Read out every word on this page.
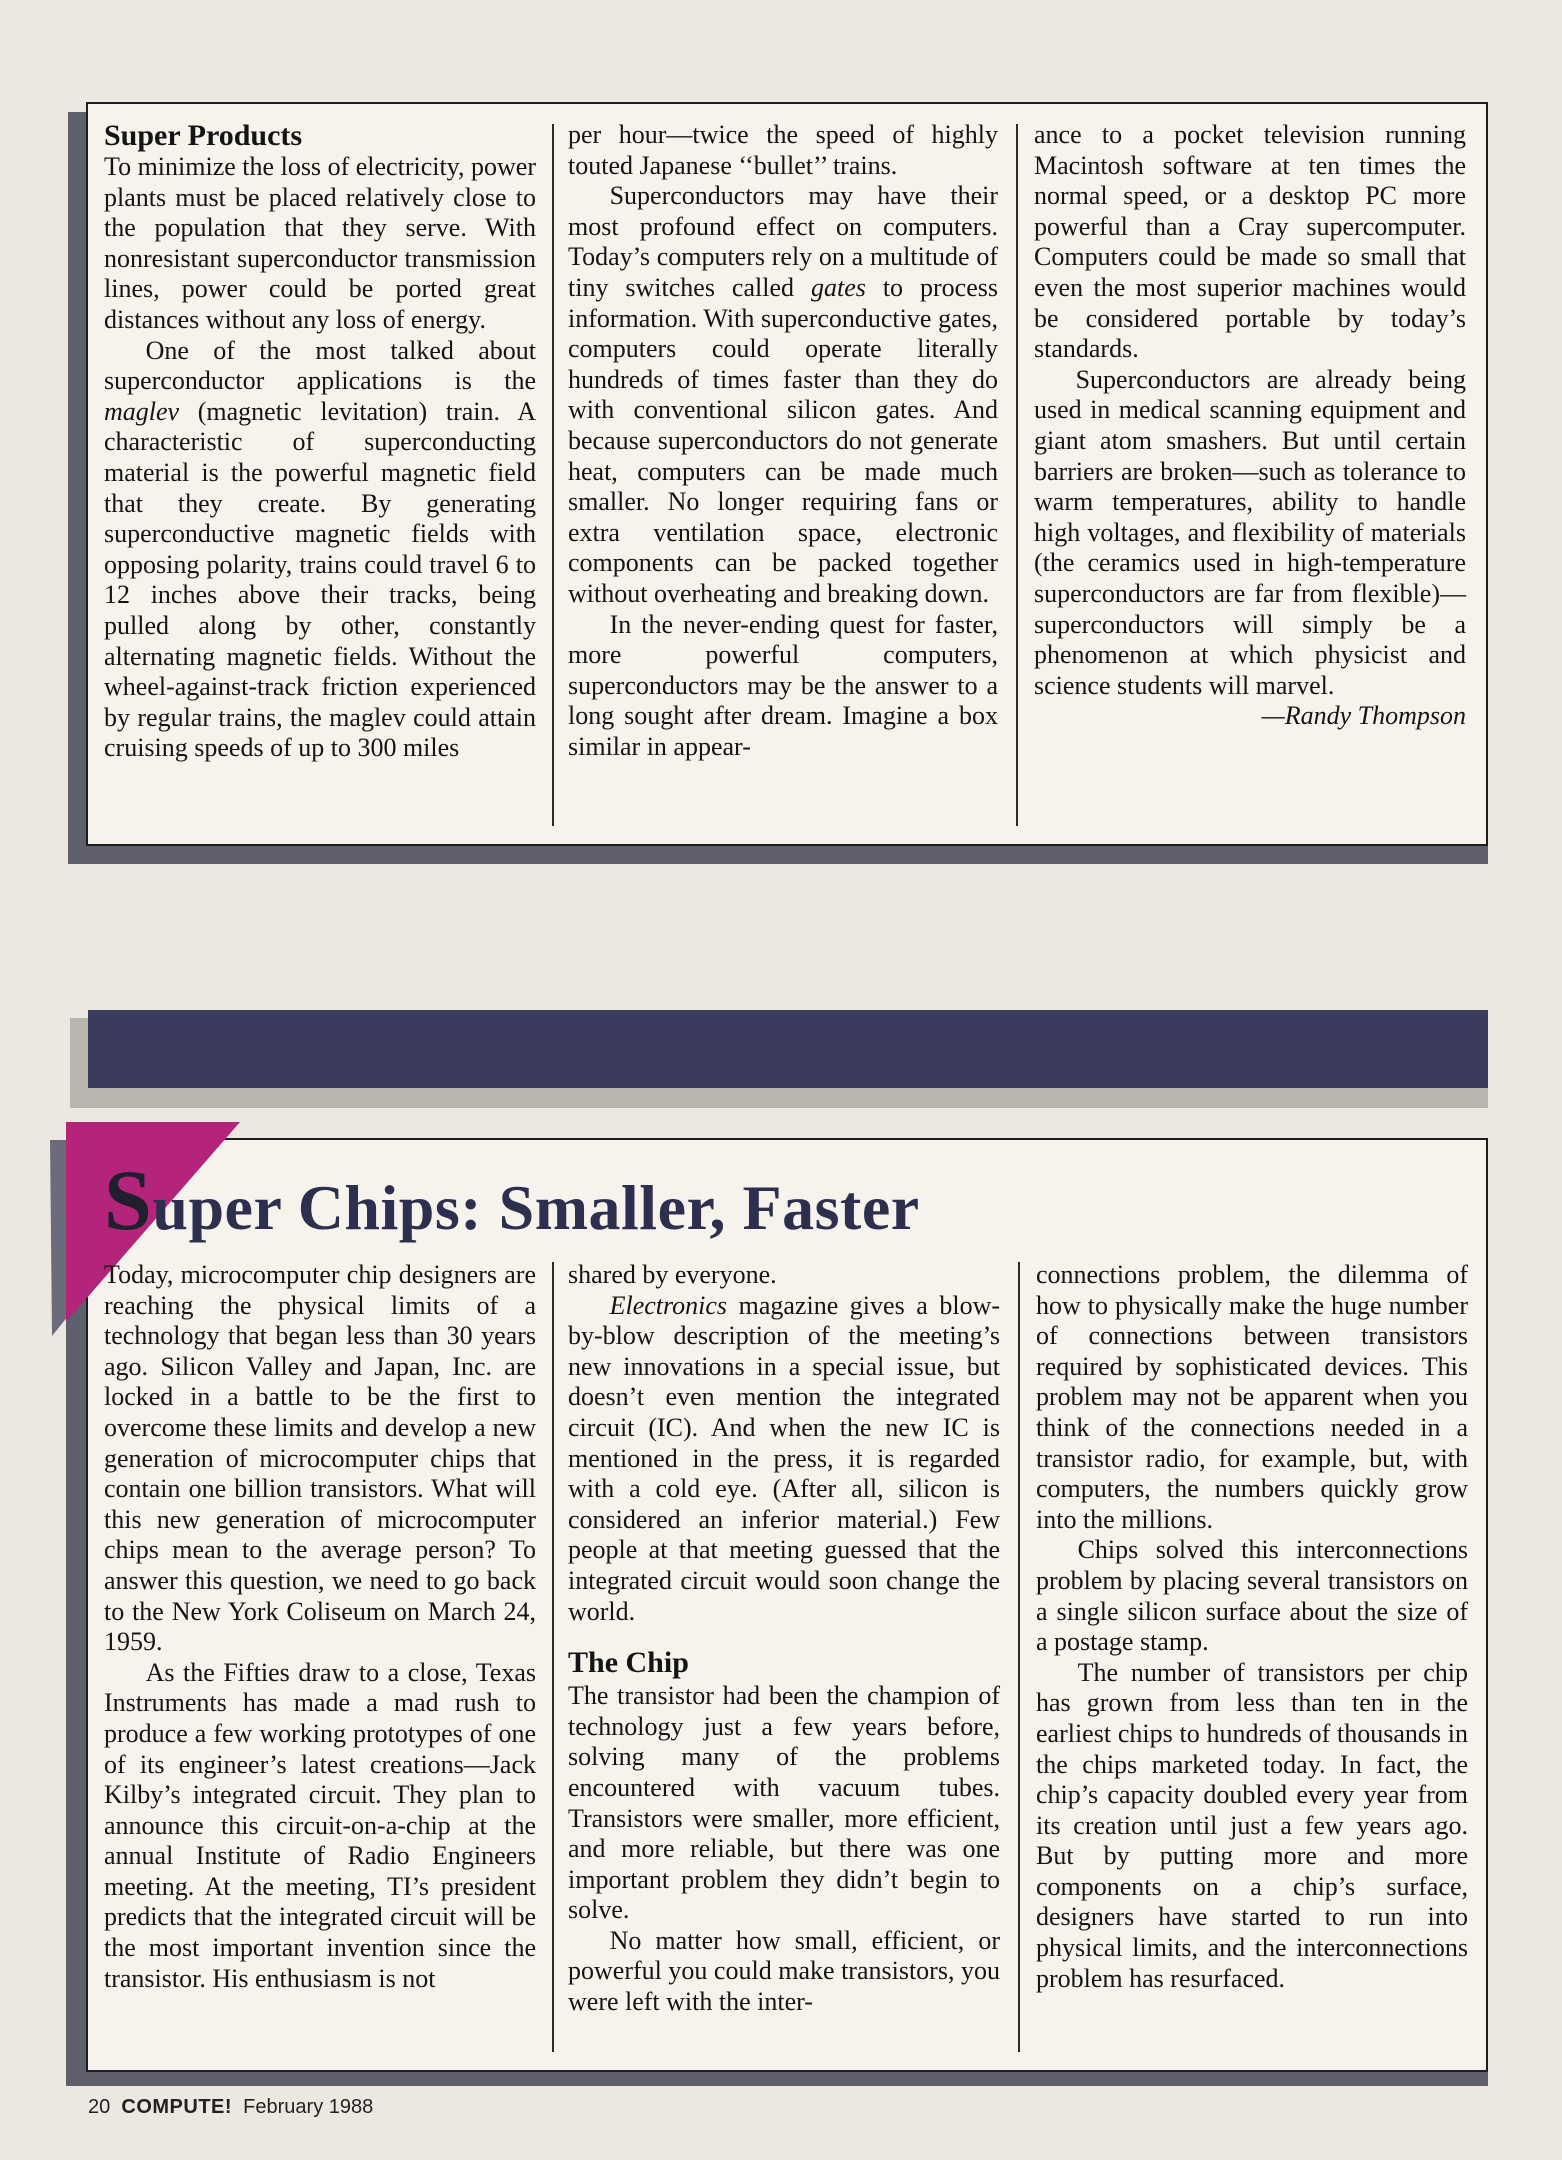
Super Products

To minimize the loss of electricity, power plants must be placed relatively close to the population that they serve. With nonresistant superconductor transmission lines, power could be ported great distances without any loss of energy.

One of the most talked about superconductor applications is the maglev (magnetic levitation) train. A characteristic of superconducting material is the powerful magnetic field that they create. By generating superconductive magnetic fields with opposing polarity, trains could travel 6 to 12 inches above their tracks, being pulled along by other, constantly alternating magnetic fields. Without the wheel-against-track friction experienced by regular trains, the maglev could attain cruising speeds of up to 300 miles

per hour—twice the speed of highly touted Japanese ‘‘bullet’’ trains.

Superconductors may have their most profound effect on computers. Today’s computers rely on a multitude of tiny switches called gates to process information. With superconductive gates, computers could operate literally hundreds of times faster than they do with conventional silicon gates. And because superconductors do not generate heat, computers can be made much smaller. No longer requiring fans or extra ventilation space, electronic components can be packed together without overheating and breaking down.

In the never-ending quest for faster, more powerful computers, superconductors may be the answer to a long sought after dream. Imagine a box similar in appear-

ance to a pocket television running Macintosh software at ten times the normal speed, or a desktop PC more powerful than a Cray supercomputer. Computers could be made so small that even the most superior machines would be considered portable by today’s standards.

Superconductors are already being used in medical scanning equipment and giant atom smashers. But until certain barriers are broken—such as tolerance to warm temperatures, ability to handle high voltages, and flexibility of materials (the ceramics used in high-temperature superconductors are far from flexible)—superconductors will simply be a phenomenon at which physicist and science students will marvel.

—Randy Thompson

Super Chips: Smaller, Faster

Today, microcomputer chip designers are reaching the physical limits of a technology that began less than 30 years ago. Silicon Valley and Japan, Inc. are locked in a battle to be the first to overcome these limits and develop a new generation of microcomputer chips that contain one billion transistors. What will this new generation of microcomputer chips mean to the average person? To answer this question, we need to go back to the New York Coliseum on March 24, 1959.

As the Fifties draw to a close, Texas Instruments has made a mad rush to produce a few working prototypes of one of its engineer’s latest creations—Jack Kilby’s integrated circuit. They plan to announce this circuit-on-a-chip at the annual Institute of Radio Engineers meeting. At the meeting, TI’s president predicts that the integrated circuit will be the most important invention since the transistor. His enthusiasm is not

shared by everyone.

Electronics magazine gives a blow-by-blow description of the meeting’s new innovations in a special issue, but doesn’t even mention the integrated circuit (IC). And when the new IC is mentioned in the press, it is regarded with a cold eye. (After all, silicon is considered an inferior material.) Few people at that meeting guessed that the integrated circuit would soon change the world.

The Chip

The transistor had been the champion of technology just a few years before, solving many of the problems encountered with vacuum tubes. Transistors were smaller, more efficient, and more reliable, but there was one important problem they didn’t begin to solve.

No matter how small, efficient, or powerful you could make transistors, you were left with the inter-

connections problem, the dilemma of how to physically make the huge number of connections between transistors required by sophisticated devices. This problem may not be apparent when you think of the connections needed in a transistor radio, for example, but, with computers, the numbers quickly grow into the millions.

Chips solved this interconnections problem by placing several transistors on a single silicon surface about the size of a postage stamp.

The number of transistors per chip has grown from less than ten in the earliest chips to hundreds of thousands in the chips marketed today. In fact, the chip’s capacity doubled every year from its creation until just a few years ago. But by putting more and more components on a chip’s surface, designers have started to run into physical limits, and the interconnections problem has resurfaced.

20 COMPUTE! February 1988
